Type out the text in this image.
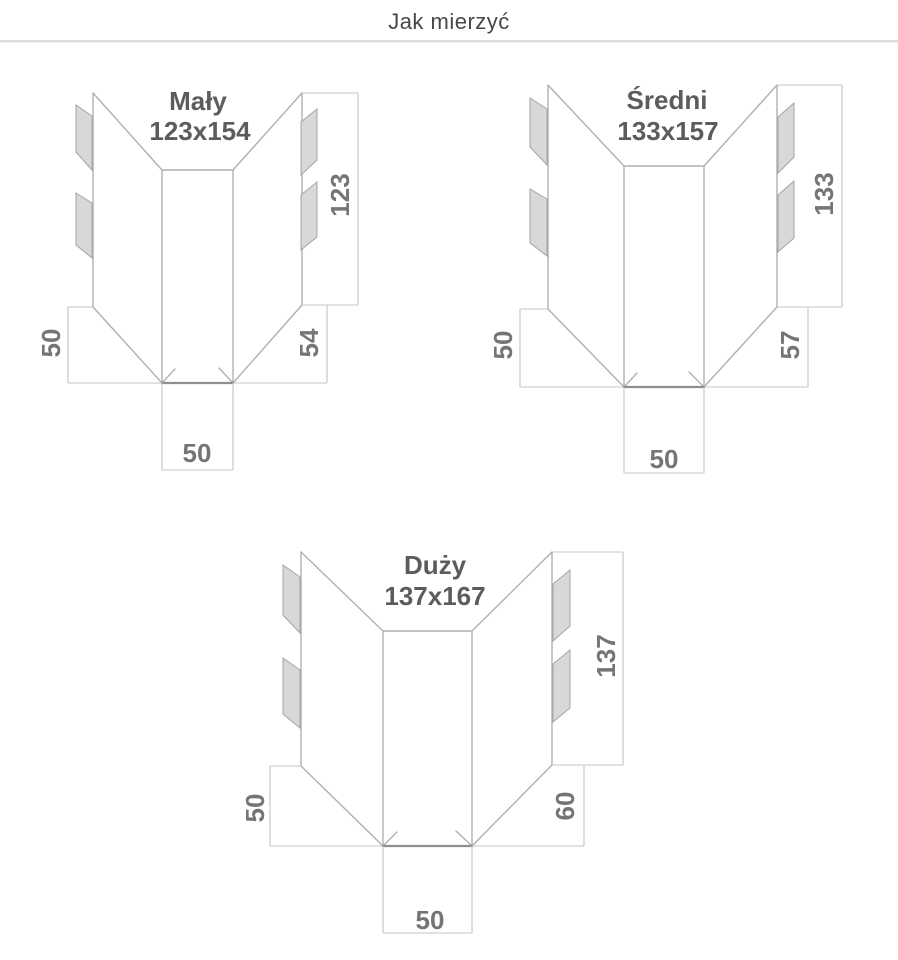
Jak mierzyć
Mały
123x154
123
50	54
50
Średni
133x157
133
50	57
50
Duży
137x167
137
50	60
50
